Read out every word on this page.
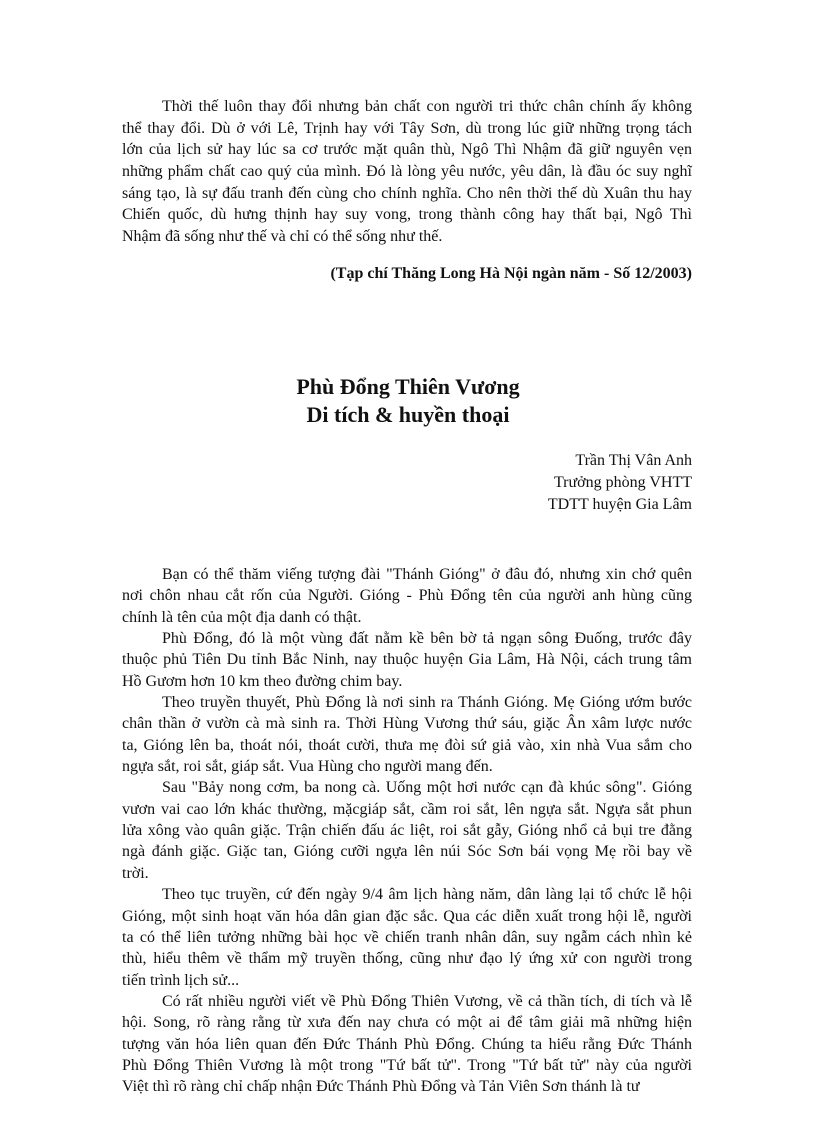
Thời thế luôn thay đổi nhưng bản chất con người tri thức chân chính ấy không
thể thay đổi. Dù ở với Lê, Trịnh hay với Tây Sơn, dù trong lúc giữ những trọng tách
lớn của lịch sử hay lúc sa cơ trước mặt quân thù, Ngô Thì Nhậm đã giữ nguyên vẹn
những phẩm chất cao quý của mình. Đó là lòng yêu nước, yêu dân, là đầu óc suy nghĩ
sáng tạo, là sự đấu tranh đến cùng cho chính nghĩa. Cho nên thời thế dù Xuân thu hay
Chiến quốc, dù hưng thịnh hay suy vong, trong thành công hay thất bại, Ngô Thì
Nhậm đã sống như thế và chỉ có thể sống như thế.
(Tạp chí Thăng Long Hà Nội ngàn năm - Số 12/2003)
Phù Đổng Thiên Vương
Di tích & huyền thoại
Trần Thị Vân Anh
Trưởng phòng VHTT
TDTT huyện Gia Lâm
Bạn có thể thăm viếng tượng đài "Thánh Gióng" ở đâu đó, nhưng xin chớ quên
nơi chôn nhau cắt rốn của Người. Gióng - Phù Đổng tên của người anh hùng cũng
chính là tên của một địa danh có thật.
Phù Đổng, đó là một vùng đất nằm kề bên bờ tả ngạn sông Đuống, trước đây
thuộc phủ Tiên Du tỉnh Bắc Ninh, nay thuộc huyện Gia Lâm, Hà Nội, cách trung tâm
Hồ Gươm hơn 10 km theo đường chim bay.
Theo truyền thuyết, Phù Đổng là nơi sinh ra Thánh Gióng. Mẹ Gióng ướm bước
chân thần ở vườn cà mà sinh ra. Thời Hùng Vương thứ sáu, giặc Ân xâm lược nước
ta, Gióng lên ba, thoát nói, thoát cười, thưa mẹ đòi sứ giả vào, xin nhà Vua sắm cho
ngựa sắt, roi sắt, giáp sắt. Vua Hùng cho người mang đến.
Sau "Bảy nong cơm, ba nong cà. Uống một hơi nước cạn đà khúc sông". Gióng
vươn vai cao lớn khác thường, mặcgiáp sắt, cầm roi sắt, lên ngựa sắt. Ngựa sắt phun
lửa xông vào quân giặc. Trận chiến đấu ác liệt, roi sắt gẫy, Gióng nhổ cả bụi tre đằng
ngà đánh giặc. Giặc tan, Gióng cưỡi ngựa lên núi Sóc Sơn bái vọng Mẹ rồi bay về
trời.
Theo tục truyền, cứ đến ngày 9/4 âm lịch hàng năm, dân làng lại tổ chức lễ hội
Gióng, một sinh hoạt văn hóa dân gian đặc sắc. Qua các diễn xuất trong hội lễ, người
ta có thể liên tưởng những bài học về chiến tranh nhân dân, suy ngẫm cách nhìn kẻ
thù, hiểu thêm về thẩm mỹ truyền thống, cũng như đạo lý ứng xử con người trong
tiến trình lịch sử...
Có rất nhiều người viết về Phù Đổng Thiên Vương, về cả thần tích, di tích và lễ
hội. Song, rõ ràng rằng từ xưa đến nay chưa có một ai để tâm giải mã những hiện
tượng văn hóa liên quan đến Đức Thánh Phù Đổng. Chúng ta hiểu rằng Đức Thánh
Phù Đổng Thiên Vương là một trong "Tứ bất tử". Trong "Tứ bất tử" này của người
Việt thì rõ ràng chỉ chấp nhận Đức Thánh Phù Đổng và Tản Viên Sơn thánh là tư
